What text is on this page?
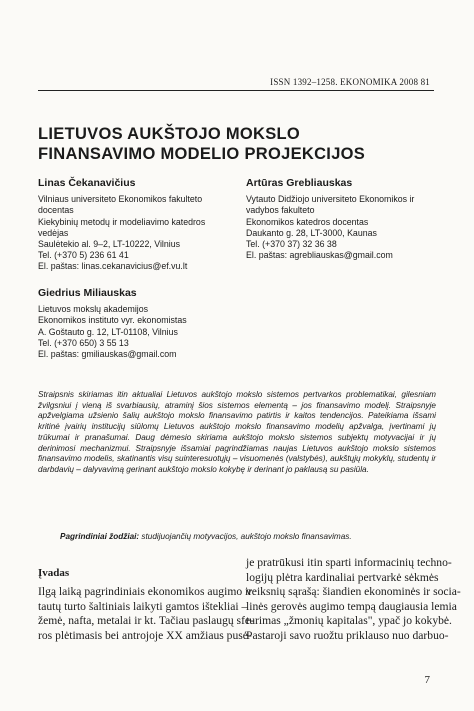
ISSN 1392–1258. EKONOMIKA 2008 81
LIETUVOS AUKŠTOJO MOKSLO
FINANSAVIMO MODELIO PROJEKCIJOS
Linas Čekanavičius
Vilniaus universiteto Ekonomikos fakulteto
docentas
Kiekybinių metodų ir modeliavimo katedros
vedėjas
Saulėtekio al. 9–2, LT-10222, Vilnius
Tel. (+370 5) 236 61 41
El. paštas: linas.cekanavicius@ef.vu.lt
Artūras Grebliauskas
Vytauto Didžiojo universiteto Ekonomikos ir
vadybos fakulteto
Ekonomikos katedros docentas
Daukanto g. 28, LT-3000, Kaunas
Tel. (+370 37) 32 36 38
El. paštas: agrebliauskas@gmail.com
Giedrius Miliauskas
Lietuvos mokslų akademijos
Ekonomikos instituto vyr. ekonomistas
A. Goštauto g. 12, LT-01108, Vilnius
Tel. (+370 650) 3 55 13
El. paštas: gmiliauskas@gmail.com
Straipsnis skiriamas itin aktualiai Lietuvos aukštojo mokslo sistemos pertvarkos problematikai, gilesniam žvilgsniui į vieną iš svarbiausių, atraminį šios sistemos elementą – jos finansavimo modelį. Straipsnyje apžvelgiama užsienio šalių aukštojo mokslo finansavimo patirtis ir kaitos tendencijos. Pateikiama išsami kritinė įvairių institucijų siūlomų Lietuvos aukštojo mokslo finansavimo modelių apžvalga, įvertinami jų trūkumai ir pranašumai. Daug dėmesio skiriama aukštojo mokslo sistemos subjektų motyvacijai ir jų derinimosi mechanizmui. Straipsnyje išsamiai pagrindžiamas naujas Lietuvos aukštojo mokslo sistemos finansavimo modelis, skatinantis visų suinteresuotųjų – visuomenės (valstybės), aukštųjų mokyklų, studentų ir darbdavių – dalyvavimą gerinant aukštojo mokslo kokybę ir derinant jo paklausą su pasiūla.
Pagrindiniai žodžiai: studijuojančių motyvacijos, aukštojo mokslo finansavimas.
Įvadas
Ilgą laiką pagrindiniais ekonomikos augimo ir
tautų turto šaltiniais laikyti gamtos ištekliai –
žemė, nafta, metalai ir kt. Tačiau paslaugų sfe-
ros plėtimasis bei antrojoje XX amžiaus pusė-
je pratrūkusi itin sparti informacinių techno-
logijų plėtra kardinaliai pertvarkė sėkmės
veiksnių sąrašą: šiandien ekonominės ir socia-
linės gerovės augimo tempą daugiausia lemia
turimas „žmonių kapitalas", ypač jo kokybė.
Pastaroji savo ruožtu priklauso nuo darbuo-
7
